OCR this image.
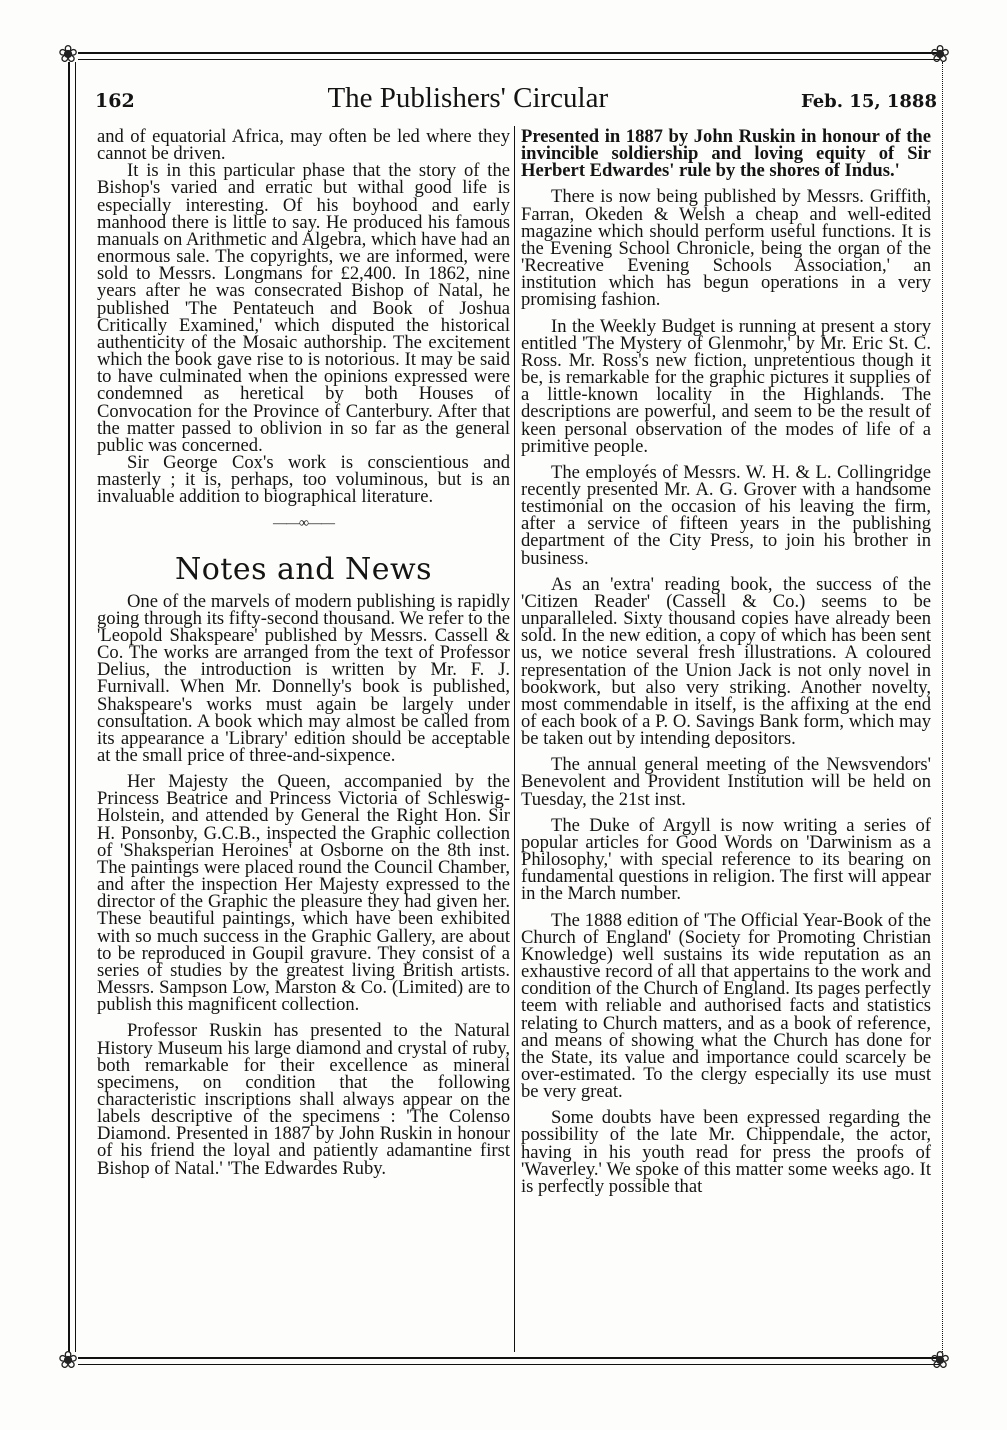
❀	❀
❀	❀
162	The Publishers' Circular	Feb. 15, 1888

and of equatorial Africa, may often be led where they cannot be driven.

It is in this particular phase that the story of the Bishop's varied and erratic but withal good life is especially interesting. Of his boyhood and early manhood there is little to say. He produced his famous manuals on Arithmetic and Algebra, which have had an enormous sale. The copyrights, we are informed, were sold to Messrs. Longmans for £2,400. In 1862, nine years after he was consecrated Bishop of Natal, he published 'The Pentateuch and Book of Joshua Critically Examined,' which disputed the historical authenticity of the Mosaic authorship. The excitement which the book gave rise to is notorious. It may be said to have culminated when the opinions expressed were condemned as heretical by both Houses of Convocation for the Province of Canterbury. After that the matter passed to oblivion in so far as the general public was concerned.

Sir George Cox's work is conscientious and masterly ; it is, perhaps, too voluminous, but is an invaluable addition to biographical literature.

——∞——
Notes and News

One of the marvels of modern publishing is rapidly going through its fifty-second thousand. We refer to the 'Leopold Shakspeare' published by Messrs. Cassell & Co. The works are arranged from the text of Professor Delius, the introduction is written by Mr. F. J. Furnivall. When Mr. Donnelly's book is published, Shakspeare's works must again be largely under consultation. A book which may almost be called from its appearance a 'Library' edition should be acceptable at the small price of three-and-sixpence.

Her Majesty the Queen, accompanied by the Princess Beatrice and Princess Victoria of Schleswig-Holstein, and attended by General the Right Hon. Sir H. Ponsonby, G.C.B., inspected the Graphic collection of 'Shaksperian Heroines' at Osborne on the 8th inst. The paintings were placed round the Council Chamber, and after the inspection Her Majesty expressed to the director of the Graphic the pleasure they had given her. These beautiful paintings, which have been exhibited with so much success in the Graphic Gallery, are about to be reproduced in Goupil gravure. They consist of a series of studies by the greatest living British artists. Messrs. Sampson Low, Marston & Co. (Limited) are to publish this magnificent collection.

Professor Ruskin has presented to the Natural History Museum his large diamond and crystal of ruby, both remarkable for their excellence as mineral specimens, on condition that the following characteristic inscriptions shall always appear on the labels descriptive of the specimens : 'The Colenso Diamond. Presented in 1887 by John Ruskin in honour of his friend the loyal and patiently adamantine first Bishop of Natal.' 'The Edwardes Ruby.

Presented in 1887 by John Ruskin in honour of the invincible soldiership and loving equity of Sir Herbert Edwardes' rule by the shores of Indus.'

There is now being published by Messrs. Griffith, Farran, Okeden & Welsh a cheap and well-edited magazine which should perform useful functions. It is the Evening School Chronicle, being the organ of the 'Recreative Evening Schools Association,' an institution which has begun operations in a very promising fashion.

In the Weekly Budget is running at present a story entitled 'The Mystery of Glenmohr,' by Mr. Eric St. C. Ross. Mr. Ross's new fiction, unpretentious though it be, is remarkable for the graphic pictures it supplies of a little-known locality in the Highlands. The descriptions are powerful, and seem to be the result of keen personal observation of the modes of life of a primitive people.

The employés of Messrs. W. H. & L. Collingridge recently presented Mr. A. G. Grover with a handsome testimonial on the occasion of his leaving the firm, after a service of fifteen years in the publishing department of the City Press, to join his brother in business.

As an 'extra' reading book, the success of the 'Citizen Reader' (Cassell & Co.) seems to be unparalleled. Sixty thousand copies have already been sold. In the new edition, a copy of which has been sent us, we notice several fresh illustrations. A coloured representation of the Union Jack is not only novel in bookwork, but also very striking. Another novelty, most commendable in itself, is the affixing at the end of each book of a P. O. Savings Bank form, which may be taken out by intending depositors.

The annual general meeting of the Newsvendors' Benevolent and Provident Institution will be held on Tuesday, the 21st inst.

The Duke of Argyll is now writing a series of popular articles for Good Words on 'Darwinism as a Philosophy,' with special reference to its bearing on fundamental questions in religion. The first will appear in the March number.

The 1888 edition of 'The Official Year-Book of the Church of England' (Society for Promoting Christian Knowledge) well sustains its wide reputation as an exhaustive record of all that appertains to the work and condition of the Church of England. Its pages perfectly teem with reliable and authorised facts and statistics relating to Church matters, and as a book of reference, and means of showing what the Church has done for the State, its value and importance could scarcely be over-estimated. To the clergy especially its use must be very great.

Some doubts have been expressed regarding the possibility of the late Mr. Chippendale, the actor, having in his youth read for press the proofs of 'Waverley.' We spoke of this matter some weeks ago. It is perfectly possible that
